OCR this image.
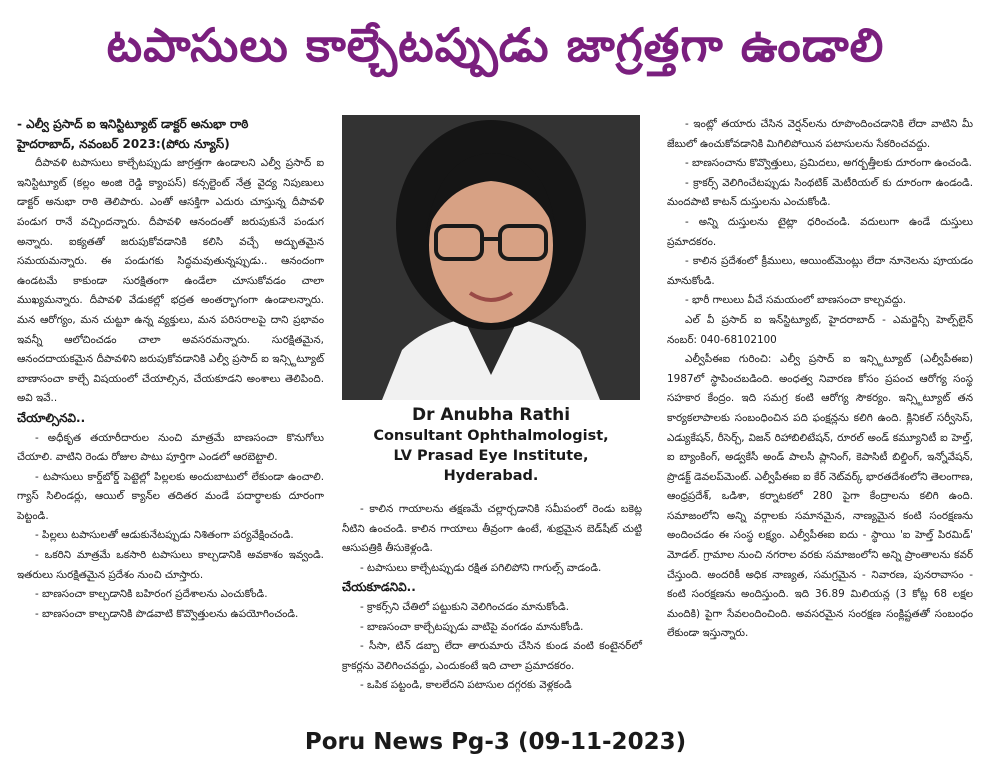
టపాసులు కాల్చేటప్పుడు జాగ్రత్తగా ఉండాలి

- ఎల్వీ ప్రసాద్ ఐ ఇనిస్టిట్యూట్ డాక్టర్ అనుభా రాఠి

హైదరాబాద్, నవంబర్ 2023:(పోరు న్యూస్)

దీపావళి టపాసులు కాల్చేటప్పుడు జాగ్రత్తగా ఉండాలని ఎల్వీ ప్రసాద్ ఐ ఇనిస్టిట్యూట్ (కల్లం అంజి రెడ్డి క్యాంపస్) కన్సల్టెంట్ నేత్ర వైద్య నిపుణులు డాక్టర్ అనుభా రాఠి తెలిపారు. ఎంతో ఆసక్తిగా ఎదురు చూస్తున్న దీపావళి పండుగ రానే వచ్చిందన్నారు. దీపావళి ఆనందంతో జరుపుకునే పండుగ అన్నారు. ఐక్యతతో జరుపుకోవడానికి కలిసి వచ్చే అద్భుతమైన సమయమన్నారు. ఈ పండుగకు సిద్ధమవుతున్నప్పుడు.. ఆనందంగా ఉండటమే కాకుండా సురక్షితంగా ఉండేలా చూసుకోవడం చాలా ముఖ్యమన్నారు. దీపావళి వేడుకల్లో భద్రత అంతర్భాగంగా ఉండాలన్నారు. మన ఆరోగ్యం, మన చుట్టూ ఉన్న వ్యక్తులు, మన పరిసరాలపై దాని ప్రభావం ఇవన్నీ ఆలోచించడం చాలా అవసరమన్నారు. సురక్షితమైన, ఆనందదాయకమైన దీపావళిని జరుపుకోవడానికి ఎల్వీ ప్రసాద్ ఐ ఇన్స్టిట్యూట్ బాణాసంచా కాల్చే విషయంలో చేయాల్సిన, చేయకూడని అంశాలు తెలిపింది. అవి ఇవే..

చేయాల్సినవి..

- అధీకృత తయారీదారుల నుంచి మాత్రమే బాణసంచా కొనుగోలు చేయాలి. వాటిని రెండు రోజుల పాటు పూర్తిగా ఎండలో ఆరబెట్టాలి.

- టపాసులు కార్డ్‌బోర్డ్ పెట్టెల్లో పిల్లలకు అందుబాటులో లేకుండా ఉంచాలి. గ్యాస్ సిలిండర్లు, ఆయిల్ క్యాన్‌ల తదితర మండే పదార్థాలకు దూరంగా పెట్టండి.

- పిల్లలు టపాసులతో ఆడుకునేటప్పుడు నిశితంగా పర్యవేక్షించండి.

- ఒకరిని మాత్రమే ఒకసారి టపాసులు కాల్చడానికి అవకాశం ఇవ్వండి. ఇతరులు సురక్షితమైన ప్రదేశం నుంచి చూస్తారు.

- బాణసంచా కాల్చడానికి బహిరంగ ప్రదేశాలను ఎంచుకోండి.

- బాణసంచా కాల్చడానికి పొడవాటి కొవ్వొత్తులను ఉపయోగించండి.

Dr Anubha Rathi
Consultant Ophthalmologist,
LV Prasad Eye Institute,
Hyderabad.

- కాలిన గాయాలను తక్షణమే చల్లార్చడానికి సమీపంలో రెండు బకెట్ల నీటిని ఉంచండి. కాలిన గాయాలు తీవ్రంగా ఉంటే, శుభ్రమైన బెడ్‌షీట్ చుట్టి ఆసుపత్రికి తీసుకెళ్లండి.

- టపాసులు కాల్చేటప్పుడు రక్షిత పగిలిపోని గాగుల్స్ వాడండి.

చేయకూడనివి..

- క్రాకర్స్‌ని చేతిలో పట్టుకుని వెలిగించడం మానుకోండి.

- బాణసంచా కాల్చేటప్పుడు వాటిపై వంగడం మానుకోండి.

- సీసా, టిన్ డబ్బా లేదా తారుమారు చేసిన కుండ వంటి కంటైనర్‌లో క్రాకర్లను వెలిగించవద్దు, ఎందుకంటే ఇది చాలా ప్రమాదకరం.

- ఒపిక పట్టండి, కాలలేదని పటాసుల దగ్గరకు వెళ్లకండి

- ఇంట్లో తయారు చేసిన వెర్షన్‌లను రూపొందించడానికి లేదా వాటిని మీ జేబులో ఉంచుకోవడానికి మిగిలిపోయిన పటాసులను సేకరించవద్దు.

- బాణసంచాను కొవ్వొత్తులు, ప్రమిదలు, అగర్బత్తీలకు దూరంగా ఉంచండి.

- క్రాకర్స్ వెలిగించేటప్పుడు సింథటిక్ మెటీరియల్ కు దూరంగా ఉండండి. మందపాటి కాటన్ దుస్తులను ఎంచుకోండి.

- అన్ని దుస్తులను టైట్లా ధరించండి. వదులుగా ఉండే దుస్తులు ప్రమాదకరం.

- కాలిన ప్రదేశంలో క్రీములు, ఆయింట్‌మెంట్లు లేదా నూనెలను పూయడం మానుకోండి.

- భారీ గాలులు వీచే సమయంలో బాణసంచా కాల్చవద్దు.

ఎల్ వీ ప్రసాద్ ఐ ఇన్‌స్టిట్యూట్, హైదరాబాద్ - ఎమర్జెన్సీ హెల్ప్‌లైన్ నంబర్: 040-68102100

ఎల్వీపీఈఐ గురించి: ఎల్వీ ప్రసాద్ ఐ ఇన్స్టిట్యూట్ (ఎల్వీపీఈఐ) 1987లో స్థాపించబడింది. అంధత్వ నివారణ కోసం ప్రపంచ ఆరోగ్య సంస్థ సహకార కేంద్రం. ఇది సమగ్ర కంటి ఆరోగ్య సౌకర్యం. ఇన్స్టిట్యూట్ తన కార్యకలాపాలకు సంబంధించిన పది ఫంక్షన్లను కలిగి ఉంది. క్లినికల్ సర్వీసెస్, ఎడ్యుకేషన్, రీసెర్చ్, విజన్ రిహాబిలిటేషన్, రూరల్ అండ్ కమ్యూనిటీ ఐ హెల్త్, ఐ బ్యాంకింగ్, అడ్వకేసీ అండ్ పాలసీ ప్లానింగ్, కెపాసిటీ బిల్డింగ్, ఇన్నోవేషన్, ప్రొడక్ట్ డెవలప్‌మెంట్. ఎల్వీపీఈఐ ఐ కేర్ నెట్‌వర్క్ భారతదేశంలోని తెలంగాణ, ఆంధ్రప్రదేశ్, ఒడిశా, కర్నాటకలో 280 పైగా కేంద్రాలను కలిగి ఉంది. సమాజంలోని అన్ని వర్గాలకు సమానమైన, నాణ్యమైన కంటి సంరక్షణను అందించడం ఈ సంస్థ లక్ష్యం. ఎల్వీపీఈఐ ఐదు - స్థాయి 'ఐ హెల్త్ పిరమిడ్' మోడల్. గ్రామాల నుంచి నగరాల వరకు సమాజంలోని అన్ని ప్రాంతాలను కవర్ చేస్తుంది. అందరికీ అధిక నాణ్యత, సమగ్రమైన - నివారణ, పునరావాసం - కంటి సంరక్షణను అందిస్తుంది. ఇది 36.89 మిలియన్ల (3 కోట్ల 68 లక్షల మందికి) పైగా సేవలందించింది. అవసరమైన సంరక్షణ సంక్లిష్టతతో సంబంధం లేకుండా ఇస్తున్నారు.

Poru News Pg-3 (09-11-2023)
